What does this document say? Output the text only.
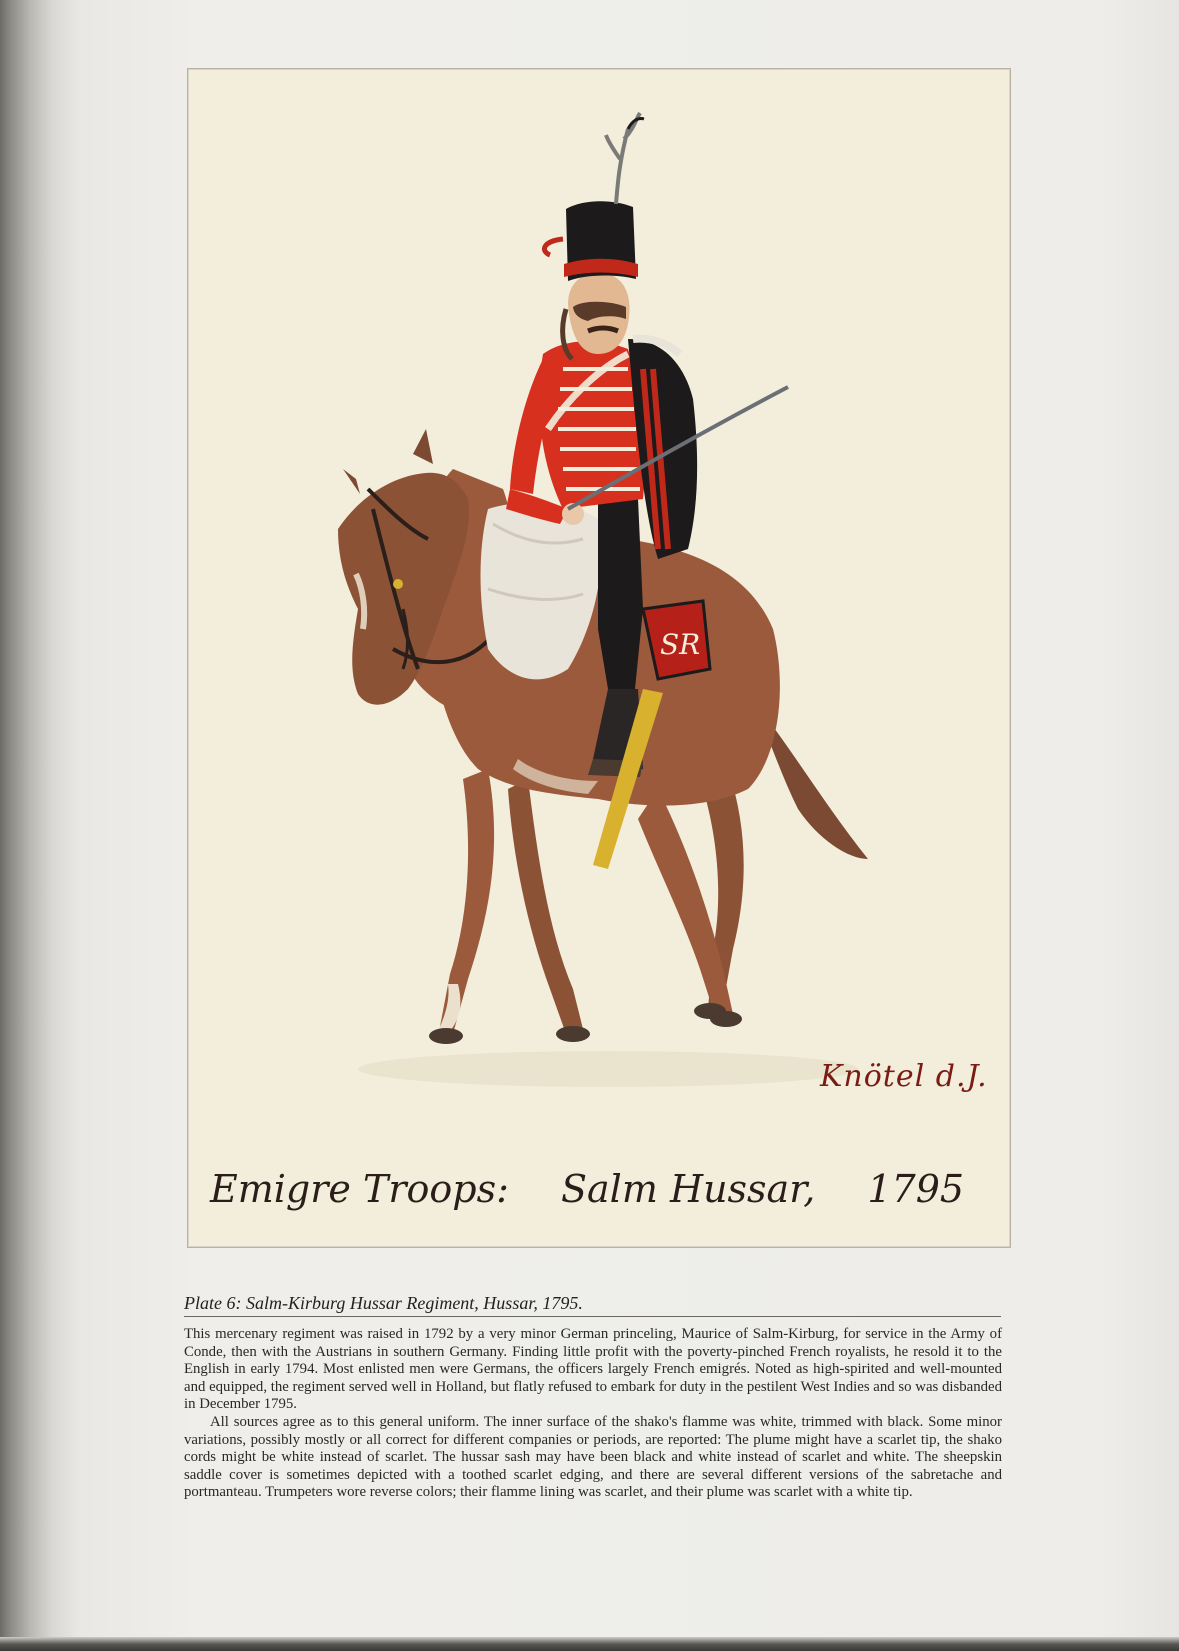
SR
Knötel d.J.
Emigre Troops: Salm Hussar, 1795
Plate 6: Salm-Kirburg Hussar Regiment, Hussar, 1795.

This mercenary regiment was raised in 1792 by a very minor German princeling, Maurice of Salm-Kirburg, for service in the Army of Conde, then with the Austrians in southern Germany. Finding little profit with the poverty-pinched French royalists, he resold it to the English in early 1794. Most enlisted men were Germans, the officers largely French emigrés. Noted as high-spirited and well-mounted and equipped, the regiment served well in Holland, but flatly refused to embark for duty in the pestilent West Indies and so was disbanded in December 1795.

All sources agree as to this general uniform. The inner surface of the shako's flamme was white, trimmed with black. Some minor variations, possibly mostly or all correct for different companies or periods, are reported: The plume might have a scarlet tip, the shako cords might be white instead of scarlet. The hussar sash may have been black and white instead of scarlet and white. The sheepskin saddle cover is sometimes depicted with a toothed scarlet edging, and there are several different versions of the sabretache and portmanteau. Trumpeters wore reverse colors; their flamme lining was scarlet, and their plume was scarlet with a white tip.
